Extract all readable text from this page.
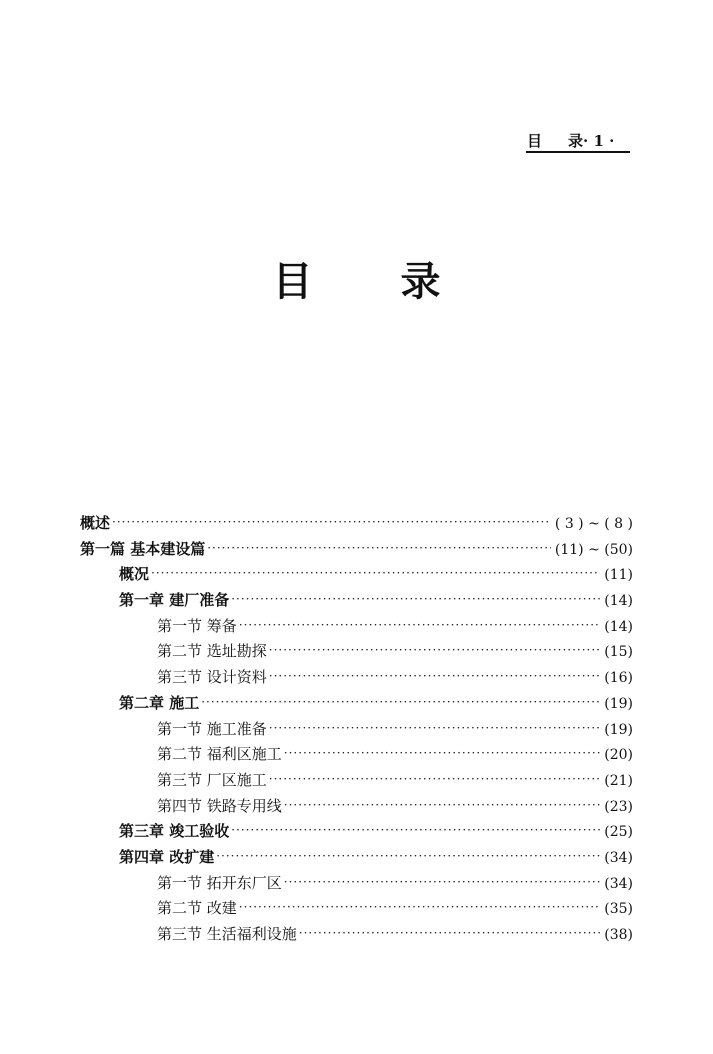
目 录· 1 ·
目 录
概述 ·····	( 3 ) ~ ( 8 )
第一篇 基本建设篇 ·····	(11) ~ (50)
概况 ·····	(11)
第一章 建厂准备 ·····	(14)
第一节 筹备 ·····	(14)
第二节 选址勘探 ·····	(15)
第三节 设计资料 ·····	(16)
第二章 施工 ·····	(19)
第一节 施工准备 ·····	(19)
第二节 福利区施工 ·····	(20)
第三节 厂区施工 ·····	(21)
第四节 铁路专用线 ·····	(23)
第三章 竣工验收 ·····	(25)
第四章 改扩建 ·····	(34)
第一节 拓开东厂区 ·····	(34)
第二节 改建 ·····	(35)
第三节 生活福利设施 ·····	(38)
